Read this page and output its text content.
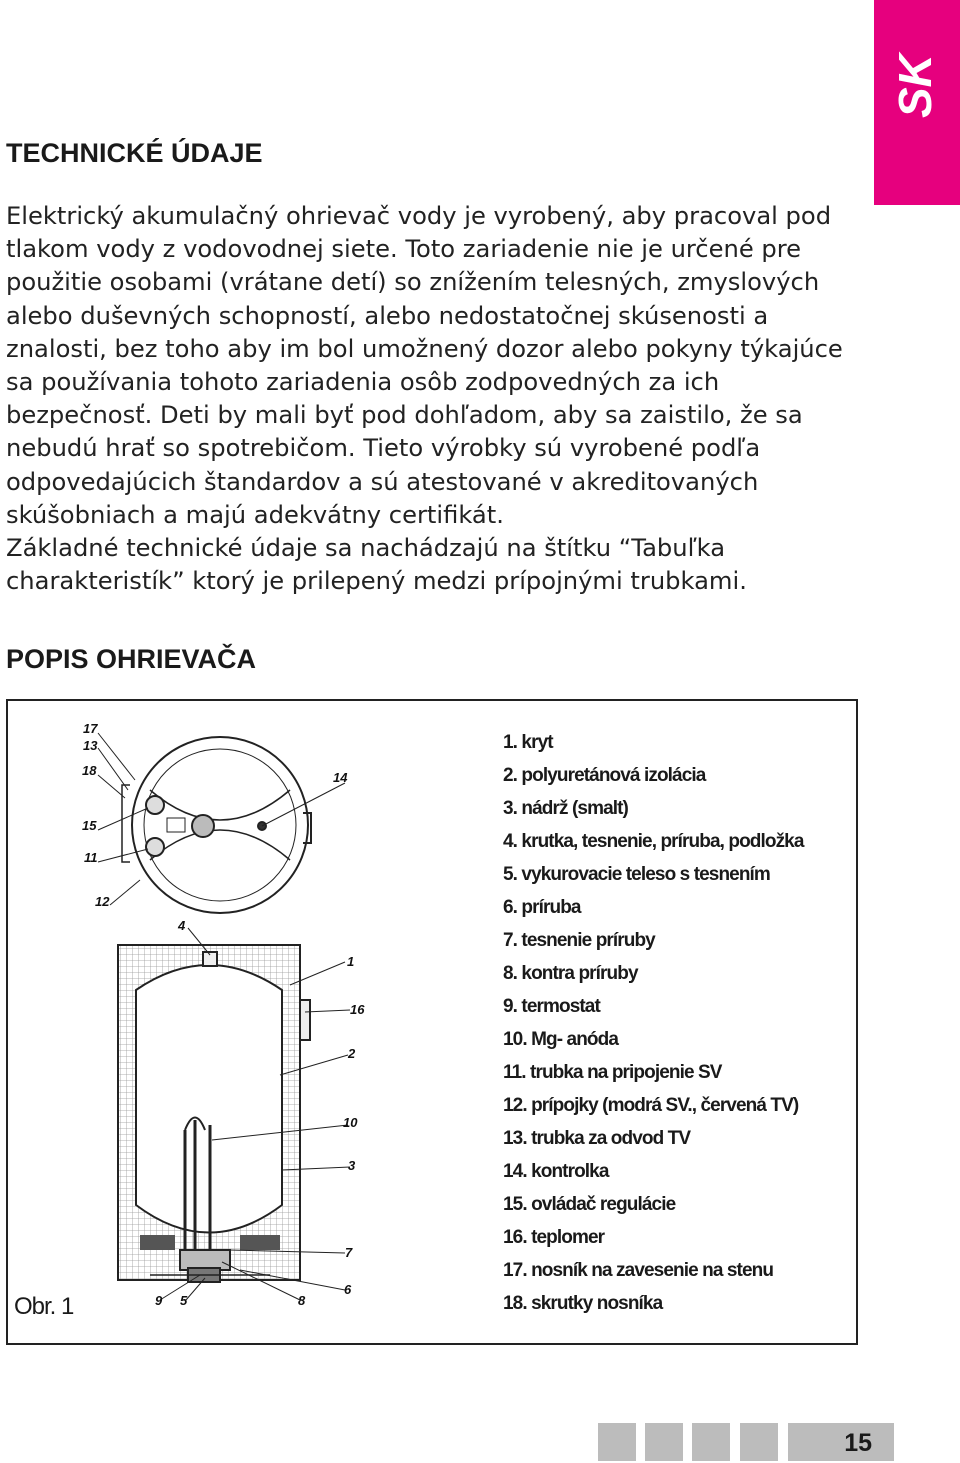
SK
TECHNICKÉ ÚDAJE

Elektrický akumulačný ohrievač vody je vyrobený, aby pracoval pod tlakom vody z vodovodnej siete. Toto zariadenie nie je určené pre použitie osobami (vrátane detí) so znížením telesných, zmyslových alebo duševných schopností, alebo nedostatočnej skúsenosti a znalosti, bez toho aby im bol umožnený dozor alebo pokyny týkajúce sa používania tohoto zariadenia osôb zodpovedných za ich bezpečnosť. Deti by mali byť pod dohľadom, aby sa zaistilo, že sa nebudú hrať so spotrebičom. Tieto výrobky sú vyrobené podľa odpovedajúcich štandardov a sú atestované v akreditovaných skúšobniach a majú adekvátny certifikát.

Základné technické údaje sa nachádzajú na štítku “Tabuľka charakteristík” ktorý je prilepený medzi prípojnými trubkami.

POPIS OHRIEVAČA
17
13
18
15
11
12
14
4
1
16
2
10
3
7
6
9 5	8
Obr. 1
1. kryt
2. polyuretánová izolácia
3. nádrž (smalt)
4. krutka, tesnenie, príruba, podložka
5. vykurovacie teleso s tesnením
6. príruba
7. tesnenie príruby
8. kontra príruby
9. termostat
10. Mg- anóda
11. trubka na pripojenie SV
12. prípojky (modrá SV., červená TV)
13. trubka za odvod TV
14. kontrolka
15. ovládač regulácie
16. teplomer
17. nosník na zavesenie na stenu
18. skrutky nosníka
15
